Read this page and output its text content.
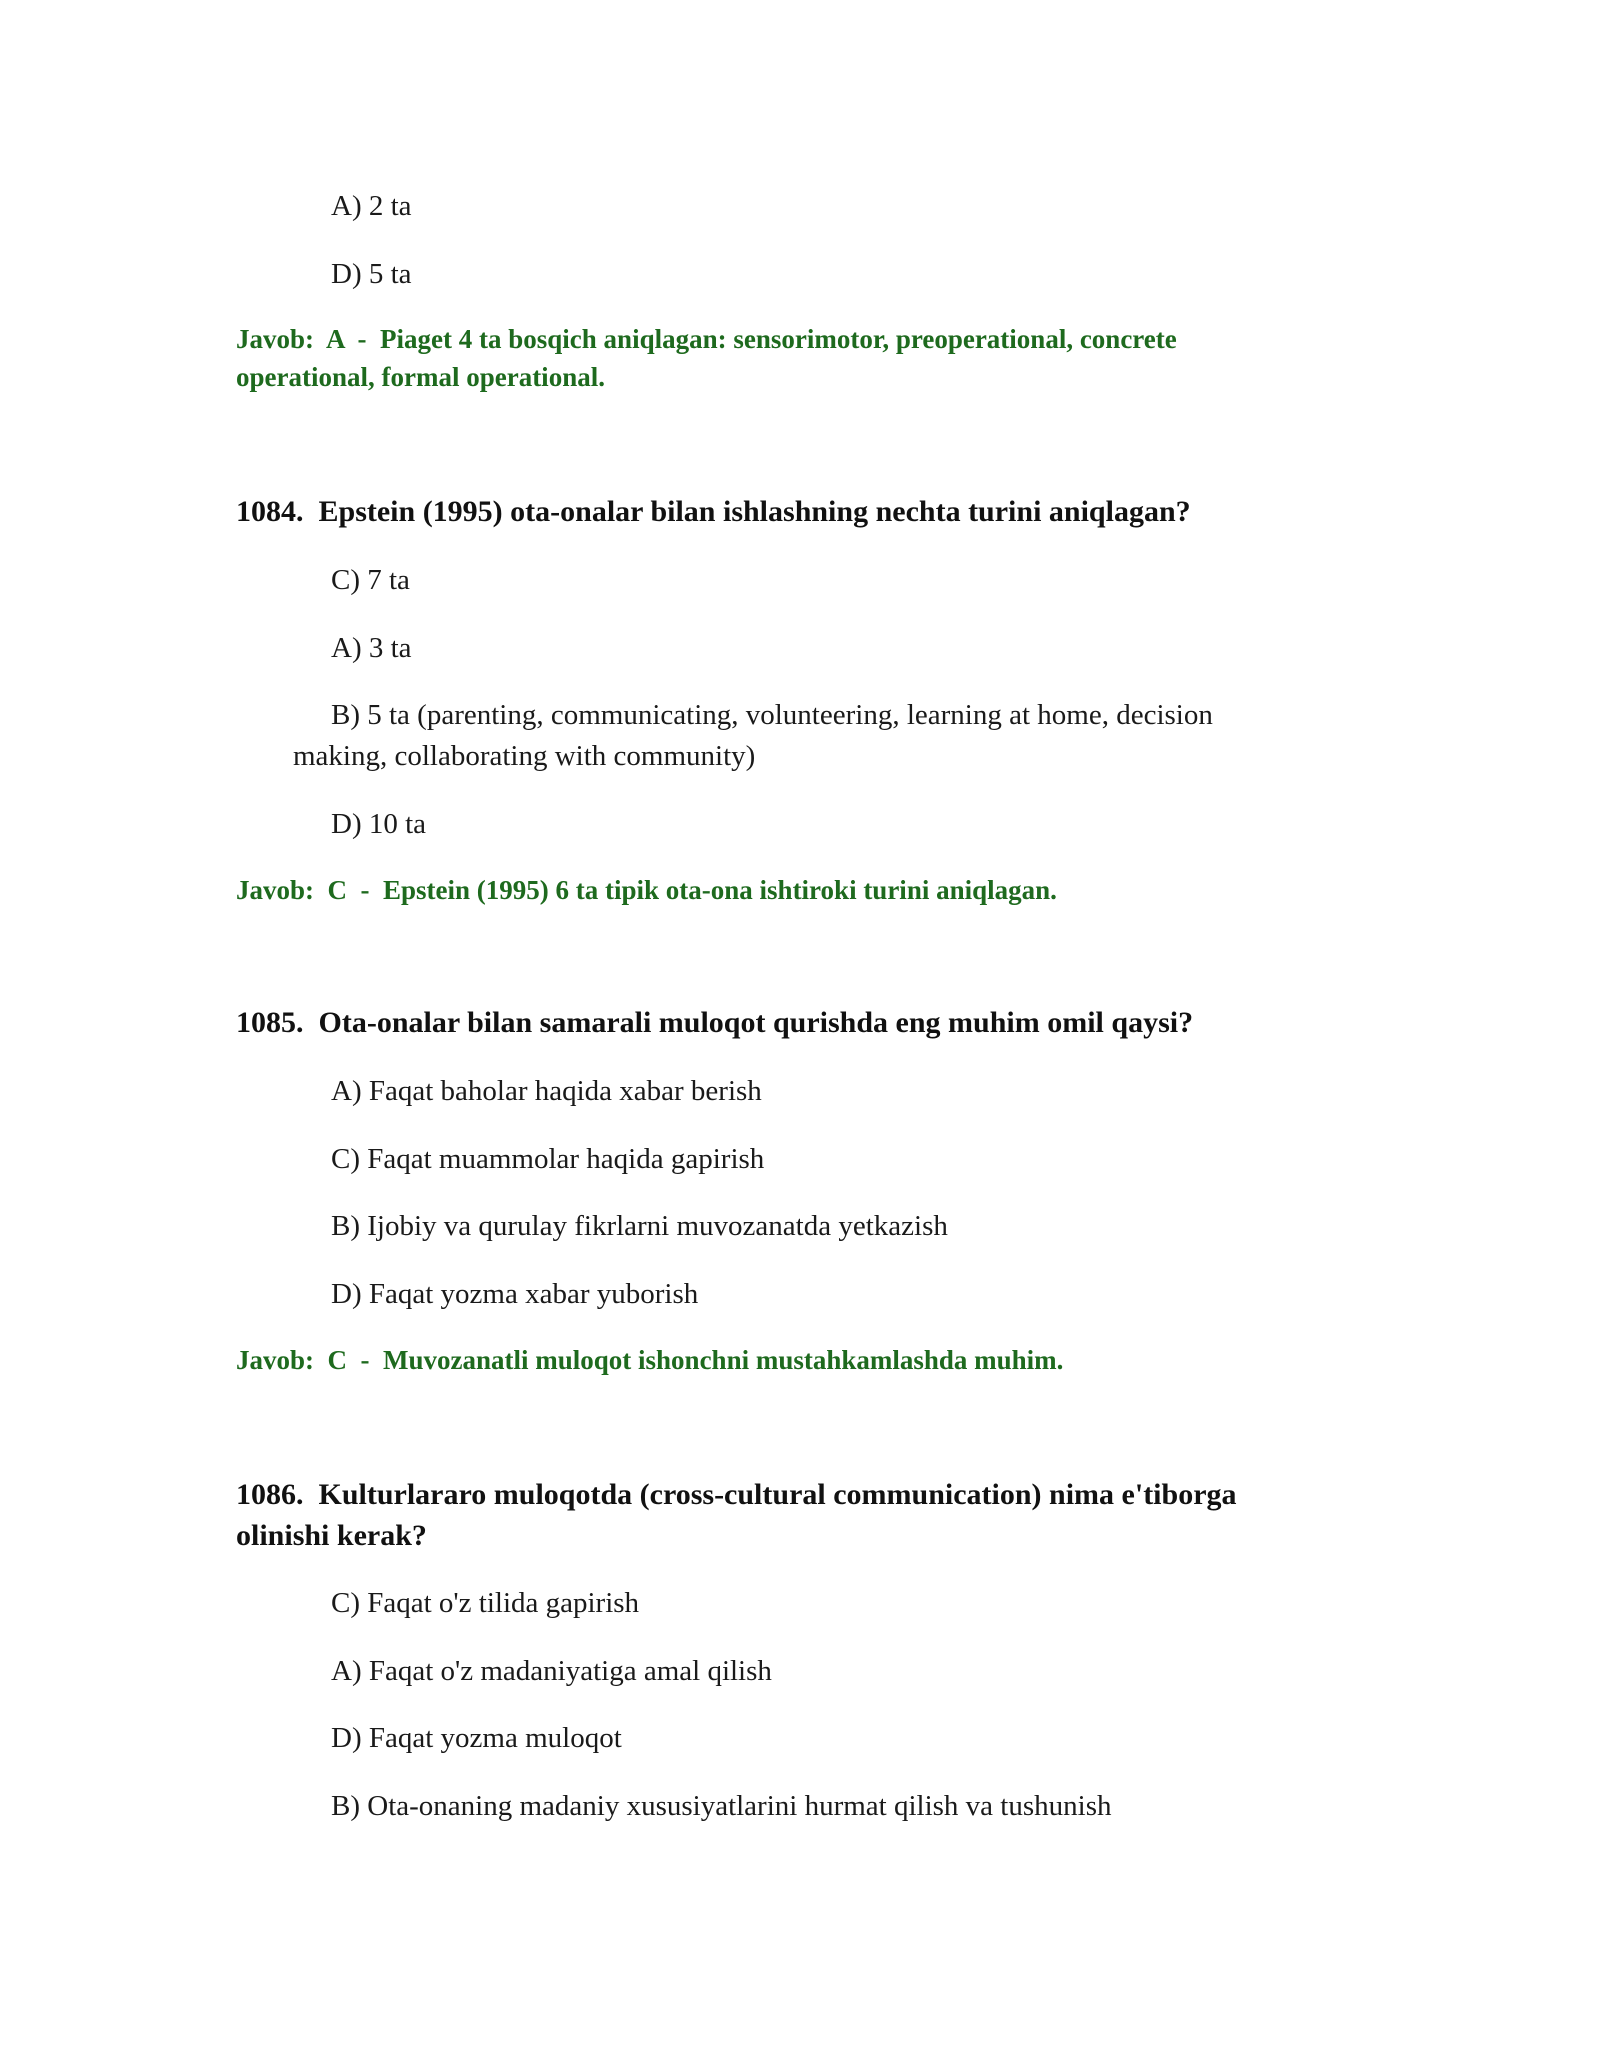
A) 2 ta
D) 5 ta
Javob: A - Piaget 4 ta bosqich aniqlagan: sensorimotor, preoperational, concrete operational, formal operational.
1084. Epstein (1995) ota-onalar bilan ishlashning nechta turini aniqlagan?
C) 7 ta
A) 3 ta
B) 5 ta (parenting, communicating, volunteering, learning at home, decision making, collaborating with community)
D) 10 ta
Javob: C - Epstein (1995) 6 ta tipik ota-ona ishtiroki turini aniqlagan.
1085. Ota-onalar bilan samarali muloqot qurishda eng muhim omil qaysi?
A) Faqat baholar haqida xabar berish
C) Faqat muammolar haqida gapirish
B) Ijobiy va qurulay fikrlarni muvozanatda yetkazish
D) Faqat yozma xabar yuborish
Javob: C - Muvozanatli muloqot ishonchni mustahkamlashda muhim.
1086. Kulturlararo muloqotda (cross-cultural communication) nima e'tiborga olinishi kerak?
C) Faqat o'z tilida gapirish
A) Faqat o'z madaniyatiga amal qilish
D) Faqat yozma muloqot
B) Ota-onaning madaniy xususiyatlarini hurmat qilish va tushunish
